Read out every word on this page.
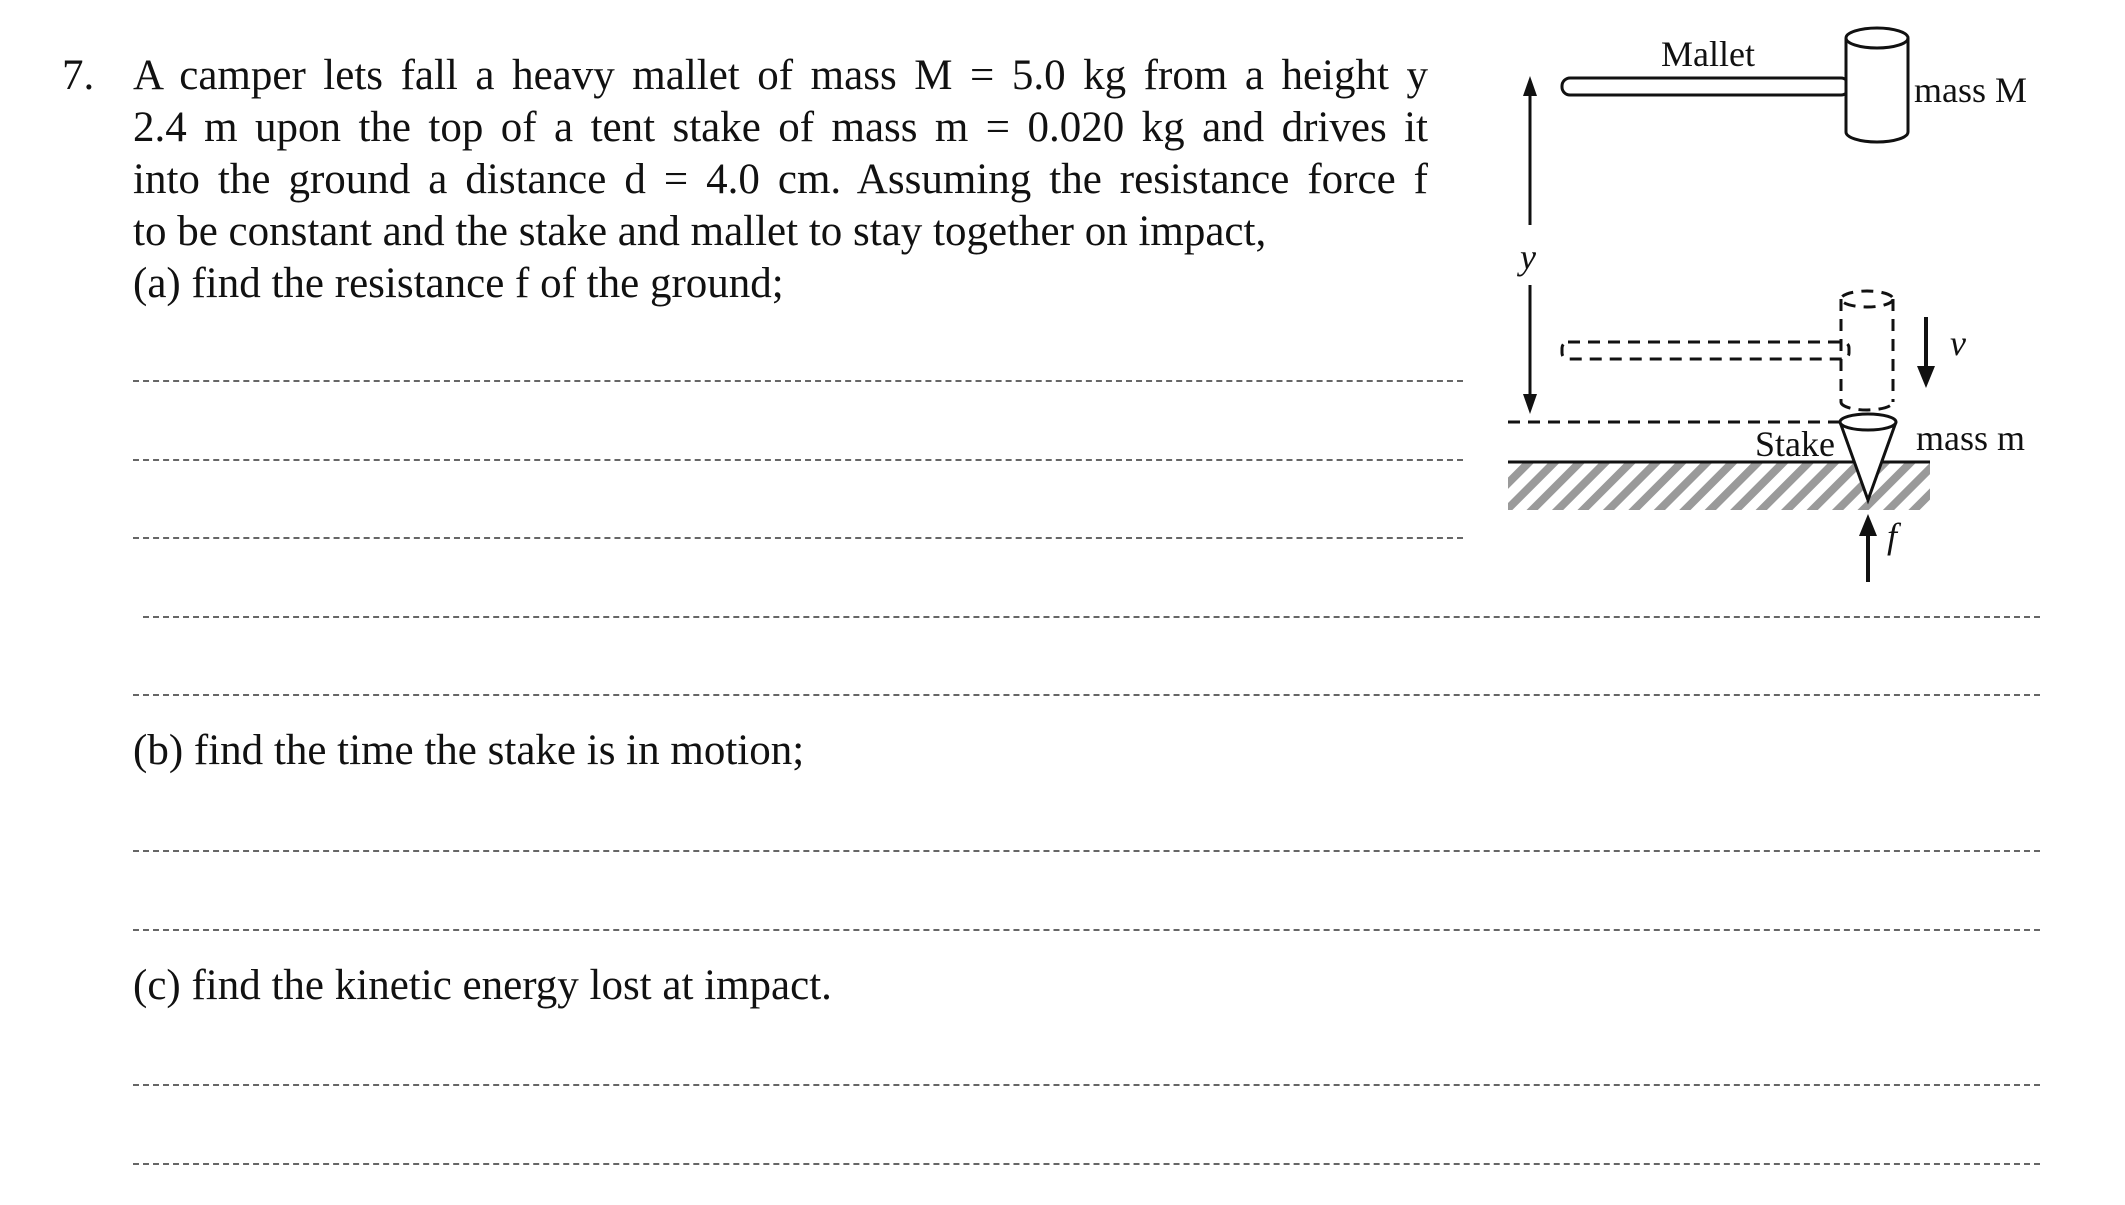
7. A camper lets fall a heavy mallet of mass M = 5.0 kg from a height y
2.4 m upon the top of a tent stake of mass m = 0.020 kg and drives it
into the ground a distance d = 4.0 cm. Assuming the resistance force f
to be constant and the stake and mallet to stay together on impact,
(a) find the resistance f of the ground;
(b) find the time the stake is in motion;
(c) find the kinetic energy lost at impact.
Mallet
mass M
y
v
Stake mass m
f
